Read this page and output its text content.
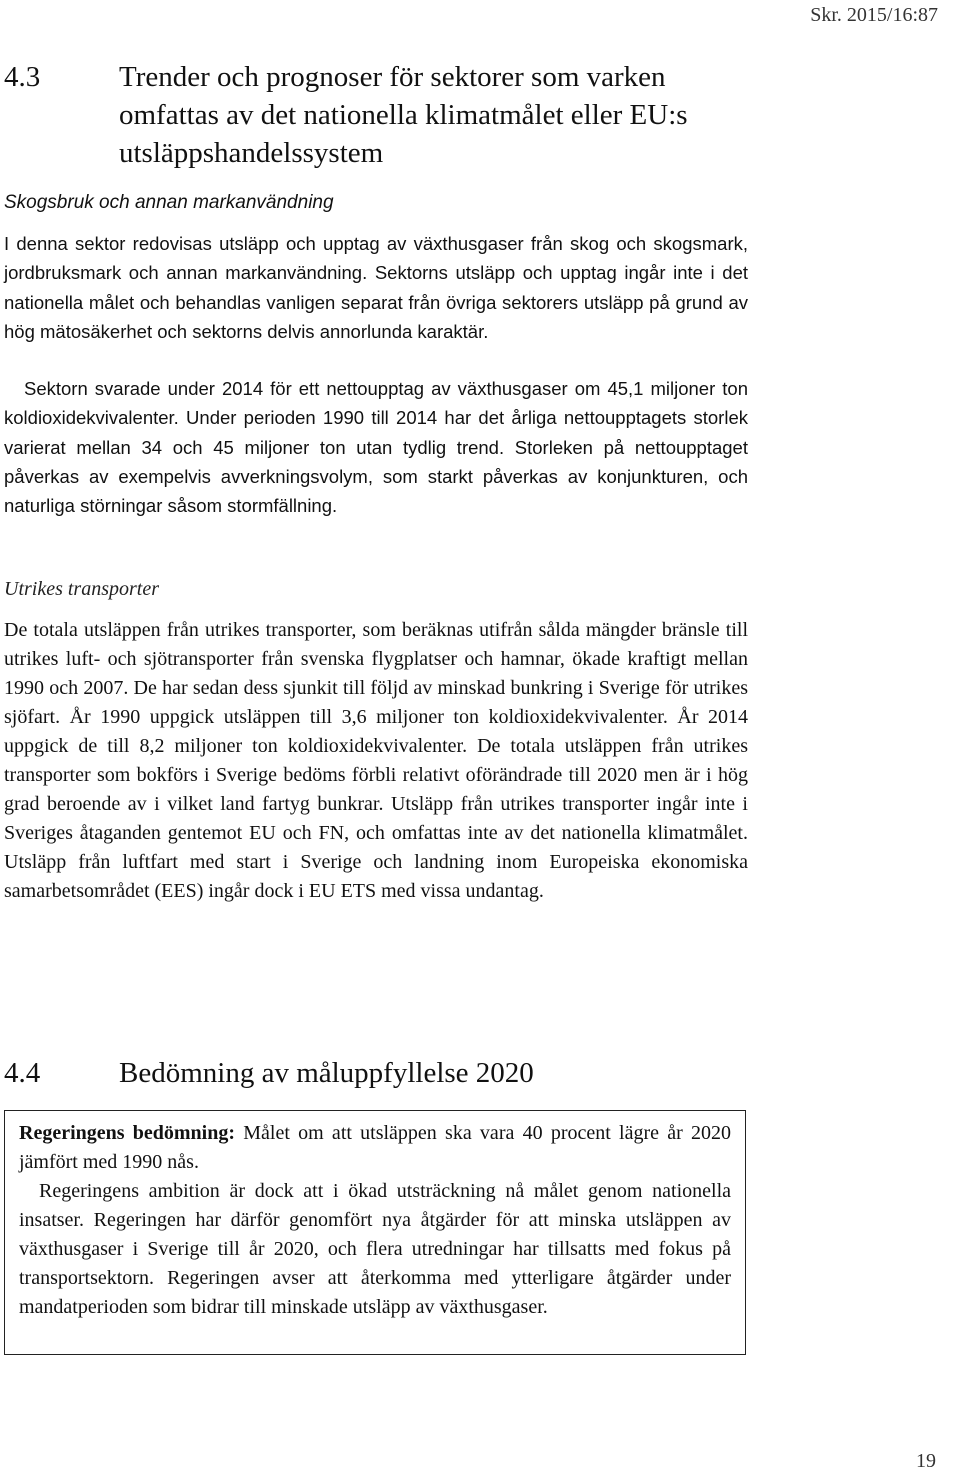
Skr. 2015/16:87
4.3	Trender och prognoser för sektorer som varken omfattas av det nationella klimatmålet eller EU:s utsläppshandelssystem
Skogsbruk och annan markanvändning

I denna sektor redovisas utsläpp och upptag av växthusgaser från skog och skogsmark, jordbruksmark och annan markanvändning. Sektorns utsläpp och upptag ingår inte i det nationella målet och behandlas vanligen separat från övriga sektorers utsläpp på grund av hög mätosäkerhet och sektorns delvis annorlunda karaktär.

Sektorn svarade under 2014 för ett nettoupptag av växthusgaser om 45,1 miljoner ton koldioxidekvivalenter. Under perioden 1990 till 2014 har det årliga nettoupptagets storlek varierat mellan 34 och 45 miljoner ton utan tydlig trend. Storleken på nettoupptaget påverkas av exempelvis avverkningsvolym, som starkt påverkas av konjunkturen, och naturliga störningar såsom stormfällning.

Utrikes transporter

De totala utsläppen från utrikes transporter, som beräknas utifrån sålda mängder bränsle till utrikes luft- och sjötransporter från svenska flygplatser och hamnar, ökade kraftigt mellan 1990 och 2007. De har sedan dess sjunkit till följd av minskad bunkring i Sverige för utrikes sjöfart. År 1990 uppgick utsläppen till 3,6 miljoner ton koldioxidekvivalenter. År 2014 uppgick de till 8,2 miljoner ton koldioxidekvivalenter. De totala utsläppen från utrikes transporter som bokförs i Sverige bedöms förbli relativt oförändrade till 2020 men är i hög grad beroende av i vilket land fartyg bunkrar. Utsläpp från utrikes transporter ingår inte i Sveriges åtaganden gentemot EU och FN, och omfattas inte av det nationella klimatmålet. Utsläpp från luftfart med start i Sverige och landning inom Europeiska ekonomiska samarbetsområdet (EES) ingår dock i EU ETS med vissa undantag.

4.4	Bedömning av måluppfyllelse 2020

Regeringens bedömning: Målet om att utsläppen ska vara 40 procent lägre år 2020 jämfört med 1990 nås.

Regeringens ambition är dock att i ökad utsträckning nå målet genom nationella insatser. Regeringen har därför genomfört nya åtgärder för att minska utsläppen av växthusgaser i Sverige till år 2020, och flera utredningar har tillsatts med fokus på transportsektorn. Regeringen avser att återkomma med ytterligare åtgärder under mandatperioden som bidrar till minskade utsläpp av växthusgaser.

19
